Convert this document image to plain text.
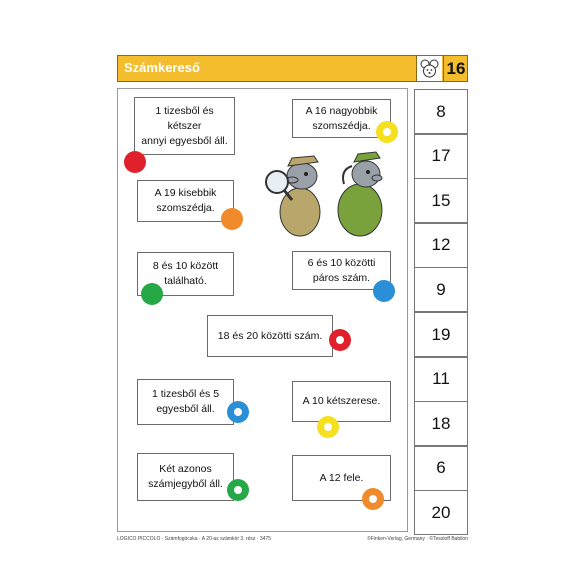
Számkereső	16
1 tizesből és kétszer
annyi egyesből áll.
A 16 nagyobbik
szomszédja.
A 19 kisebbik
szomszédja.
8 és 10 között
található.
6 és 10 közötti
páros szám.
18 és 20 közötti szám.
1 tizesből és 5
egyesből áll.
A 10 kétszerese.
Két azonos
számjegyből áll.
A 12 fele.
8
17
15
12
9
19
11
18
6
20
LOGICO PICCOLO · Számfogócska · A 20-as számkör 3. rész · 3475	©Finken-Verlag, Germany · ©Tessloff Babilon
